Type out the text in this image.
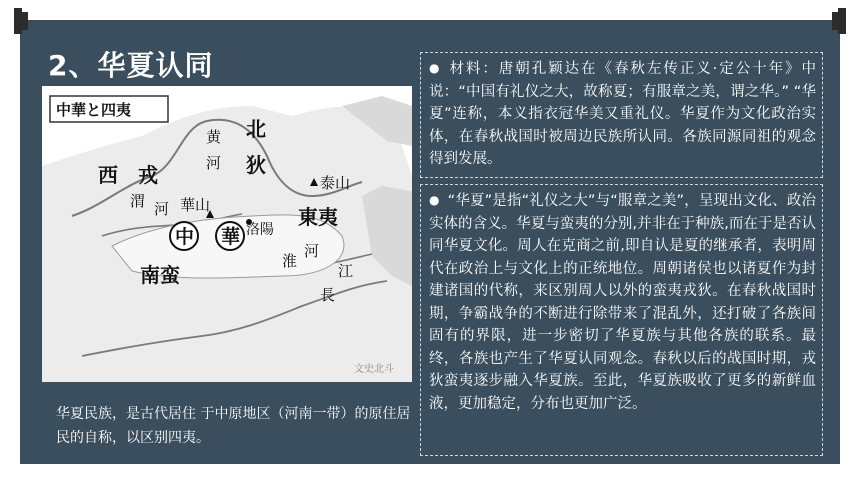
2、华夏认同
中華と四夷
北
狄
西 戎
黄
河
渭 河 華山
中 華 洛陽
泰山
東夷
南蛮
淮
河
江
長
文史北斗
华夏民族，是古代居住 于中原地区（河南一带）的原住居民的自称，以区别四夷。
● 材料：唐朝孔颖达在《春秋左传正义·定公十年》中说：“中国有礼仪之大，故称夏；有服章之美，谓之华。” “华夏”连称，本义指衣冠华美又重礼仪。华夏作为文化政治实体，在春秋战国时被周边民族所认同。各族同源同祖的观念得到发展。
● “华夏”是指“礼仪之大”与“服章之美”，呈现出文化、政治实体的含义。华夏与蛮夷的分别,并非在于种族,而在于是否认同华夏文化。周人在克商之前,即自认是夏的继承者，表明周代在政治上与文化上的正统地位。周朝诸侯也以诸夏作为封建诸国的代称，来区别周人以外的蛮夷戎狄。在春秋战国时期，争霸战争的不断进行除带来了混乱外，还打破了各族间固有的界限，进一步密切了华夏族与其他各族的联系。最终，各族也产生了华夏认同观念。春秋以后的战国时期，戎狄蛮夷逐步融入华夏族。至此，华夏族吸收了更多的新鲜血液，更加稳定，分布也更加广泛。
